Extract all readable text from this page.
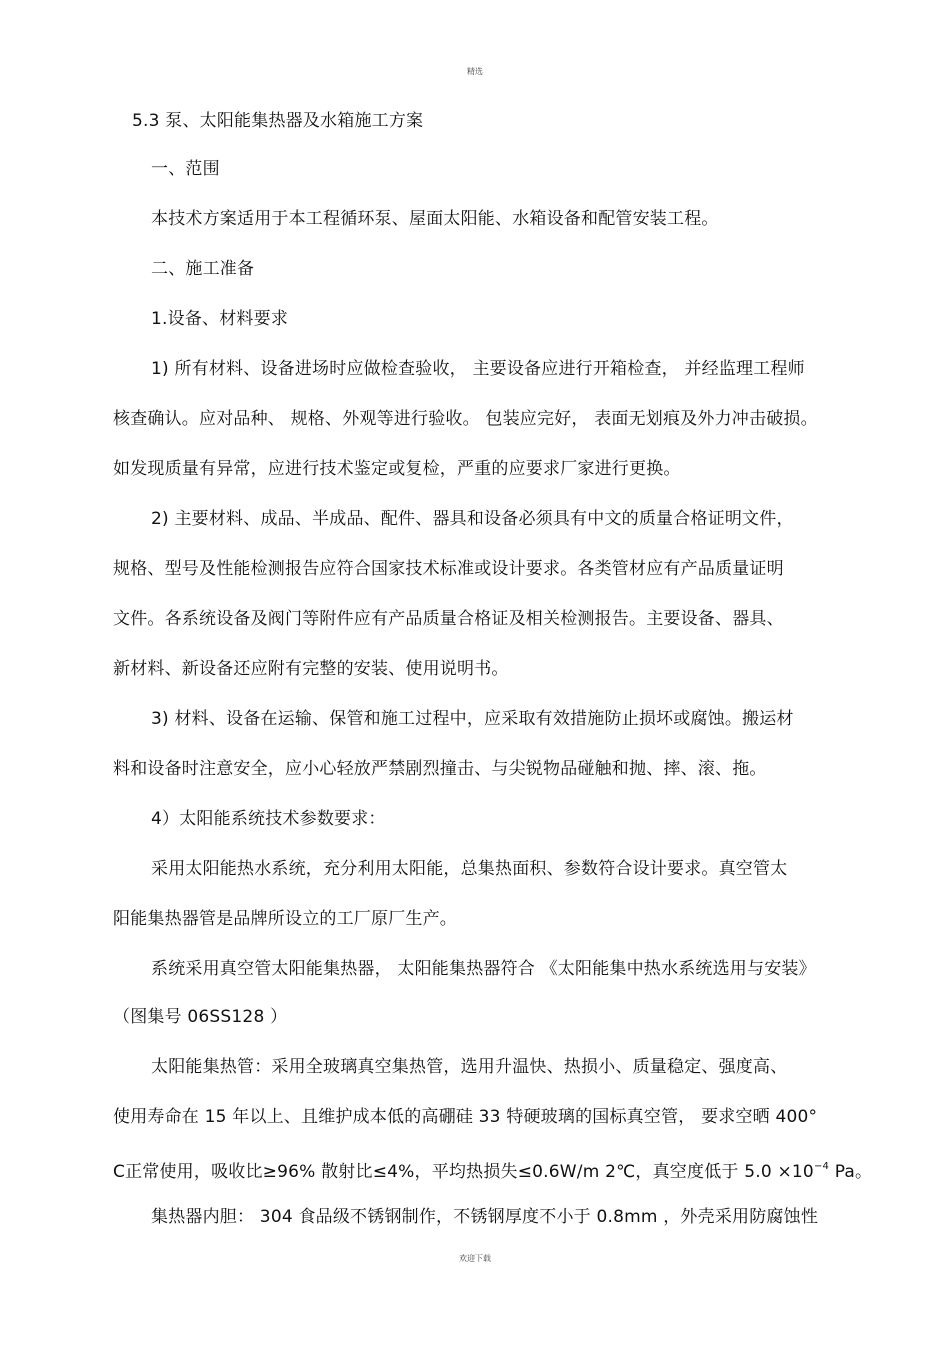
精选
5.3 泵、太阳能集热器及水箱施工方案
一、范围
本技术方案适用于本工程循环泵、屋面太阳能、水箱设备和配管安装工程。
二、施工准备
1.设备、材料要求
1) 所有材料、设备进场时应做检查验收， 主要设备应进行开箱检查， 并经监理工程师
核查确认。应对品种、 规格、外观等进行验收。 包装应完好， 表面无划痕及外力冲击破损。
如发现质量有异常，应进行技术鉴定或复检，严重的应要求厂家进行更换。
2) 主要材料、成品、半成品、配件、器具和设备必须具有中文的质量合格证明文件，
规格、型号及性能检测报告应符合国家技术标准或设计要求。各类管材应有产品质量证明
文件。各系统设备及阀门等附件应有产品质量合格证及相关检测报告。主要设备、器具、
新材料、新设备还应附有完整的安装、使用说明书。
3) 材料、设备在运输、保管和施工过程中，应采取有效措施防止损坏或腐蚀。搬运材
料和设备时注意安全，应小心轻放严禁剧烈撞击、与尖锐物品碰触和抛、摔、滚、拖。
4）太阳能系统技术参数要求：
采用太阳能热水系统，充分利用太阳能，总集热面积、参数符合设计要求。真空管太
阳能集热器管是品牌所设立的工厂原厂生产。
系统采用真空管太阳能集热器， 太阳能集热器符合 《太阳能集中热水系统选用与安装》
（图集号 06SS128 ）
太阳能集热管：采用全玻璃真空集热管，选用升温快、热损小、质量稳定、强度高、
使用寿命在 15 年以上、且维护成本低的高硼硅 33 特硬玻璃的国标真空管， 要求空晒 400°
C正常使用，吸收比≥96% 散射比≤4%，平均热损失≤0.6W/m 2℃，真空度低于 $5.0 \times 10^{-4}$ Pa。
集热器内胆： 304 食品级不锈钢制作，不锈钢厚度不小于 0.8mm ，外壳采用防腐蚀性
欢迎下载
